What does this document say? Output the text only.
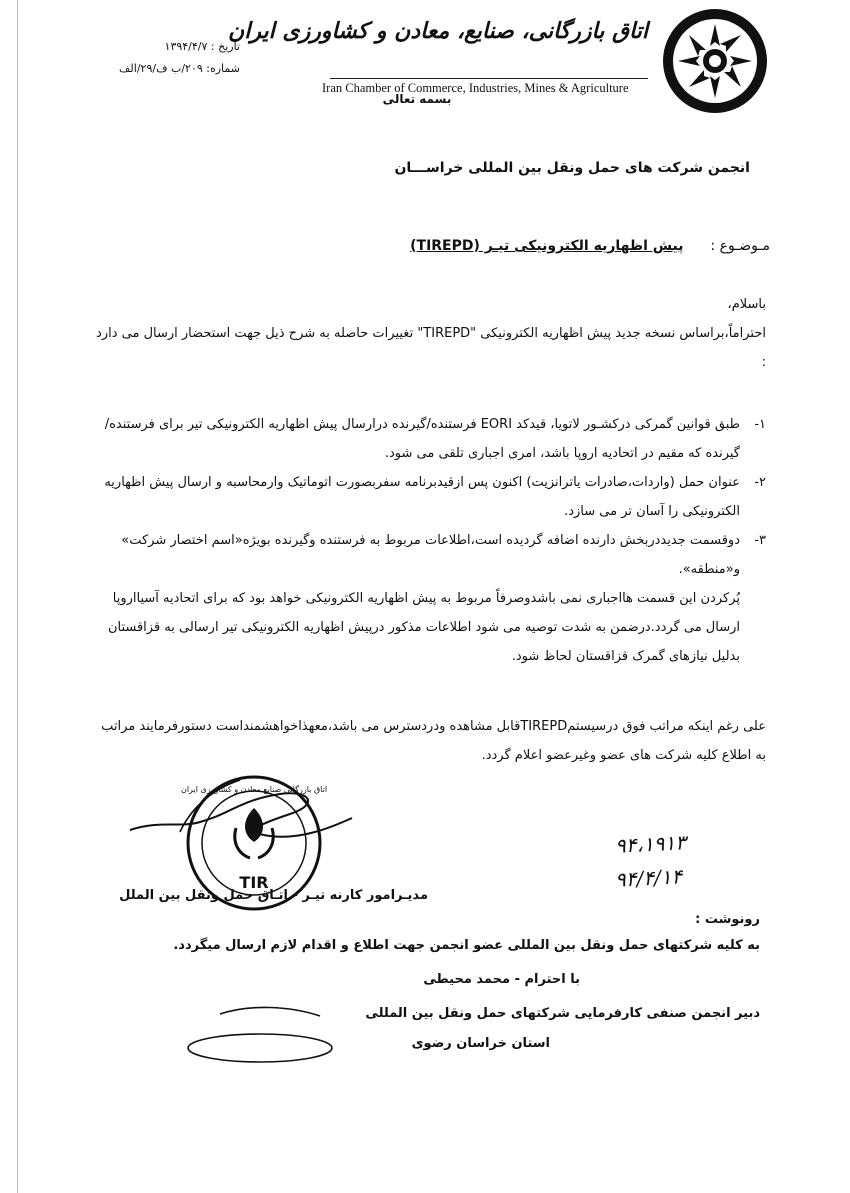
اتاق بازرگانی، صنایع، معادن و کشاورزی ایران
Iran Chamber of Commerce, Industries, Mines & Agriculture
بسمه تعالی
تاریخ : ۱۳۹۴/۴/۷
شماره: ۲۰۹/ب ف/۲۹/الف
انجمن شرکت های حمل ونقل بین المللی خراســـان
مـوضـوع :  پیش اظهاریه الکترونیکی تیـر (TIREPD)

باسلام،

احتراماً،براساس نسخه جدید پیش اظهاریه الکترونیکی "TIREPD" تغییرات حاصله به شرح ذیل جهت استحضار ارسال می دارد :

۱-
طبق قوانین گمرکی درکشـور لاتویا، قیدکد EORI فرستنده/گیرنده درارسال پیش اظهاریه الکترونیکی تیر برای فرستنده/ گیرنده که مقیم در اتحادیه اروپا باشد، امری اجباری تلقی می شود.
۲-
عنوان حمل (واردات،صادرات یاترانزیت) اکنون پس ازقیدبرنامه سفربصورت اتوماتیک وارمحاسبه و ارسال پیش اظهاریه الکترونیکی را آسان تر می سازد.
۳-
دوقسمت جدیددربخش دارنده اضافه گردیده است،اطلاعات مربوط به فرستنده وگیرنده بویژه«اسم اختصار شرکت» و«منطقه».

پُرکردن این قسمت هااجباری نمی باشدوصرفاً مربوط به پیش اظهاریه الکترونیکی خواهد بود که برای اتحادیه آسیااروپا ارسال می گردد.درضمن به شدت توصیه می شود اطلاعات مذکور درپیش اظهاریه الکترونیکی تیر ارسالی به قزاقستان بدلیل نیازهای گمرک قزاقستان لحاظ شود.

علی رغم اینکه مراتب فوق درسیستمTIREPDقابل مشاهده ودردسترس می باشد،معهذاخواهشمنداست دستورفرمایند مراتب به اطلاع کلیه شرکت های عضو وغیرعضو اعلام گردد.
۹۴،۱۹۱۳
۹۴/۴/۱۴
TIR
اتاق بازرگانی صنایع معادن و کشاورزی ایران
مدیـرامور کارنه تیـر - اتـاق حمل ونقل بین الملل
رونوشت :
به کلیه شرکتهای حمل ونقل بین المللی عضو انجمن جهت اطلاع و اقدام لازم ارسال میگردد.
با احترام - محمد محیطی
دبیر انجمن صنفی کارفرمایی شرکتهای حمل ونقل بین المللی
استان خراسان رضوی
